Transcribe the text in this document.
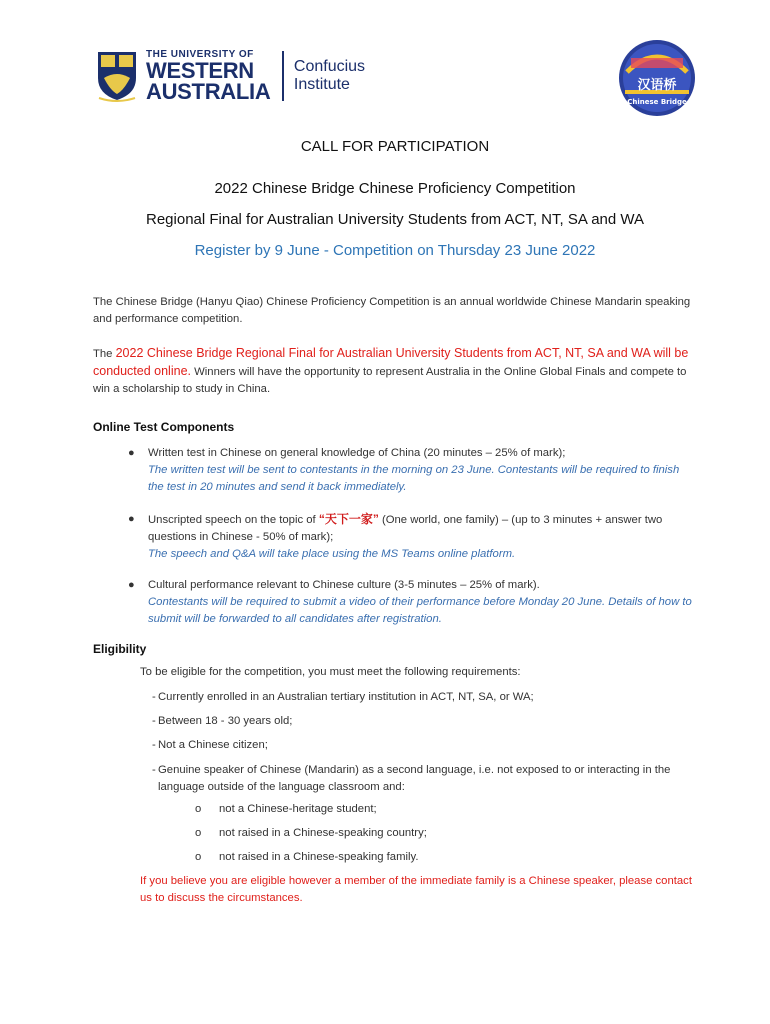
THE UNIVERSITY OF
WESTERN
AUSTRALIA
Confucius
Institute	汉语桥
Chinese Bridge
CALL FOR PARTICIPATION
2022 Chinese Bridge Chinese Proficiency Competition
Regional Final for Australian University Students from ACT, NT, SA and WA
Register by 9 June - Competition on Thursday 23 June 2022
The Chinese Bridge (Hanyu Qiao) Chinese Proficiency Competition is an annual worldwide Chinese Mandarin speaking and performance competition.
The 2022 Chinese Bridge Regional Final for Australian University Students from ACT, NT, SA and WA will be conducted online. Winners will have the opportunity to represent Australia in the Online Global Finals and compete to win a scholarship to study in China.
Online Test Components
● Written test in Chinese on general knowledge of China (20 minutes – 25% of mark);
The written test will be sent to contestants in the morning on 23 June. Contestants will be required to finish the test in 20 minutes and send it back immediately.
● Unscripted speech on the topic of “天下一家” (One world, one family) – (up to 3 minutes + answer two questions in Chinese - 50% of mark);
The speech and Q&A will take place using the MS Teams online platform.
● Cultural performance relevant to Chinese culture (3-5 minutes – 25% of mark).
Contestants will be required to submit a video of their performance before Monday 20 June. Details of how to submit will be forwarded to all candidates after registration.
Eligibility
To be eligible for the competition, you must meet the following requirements:
- Currently enrolled in an Australian tertiary institution in ACT, NT, SA, or WA;
- Between 18 - 30 years old;
- Not a Chinese citizen;
- Genuine speaker of Chinese (Mandarin) as a second language, i.e. not exposed to or interacting in the language outside of the language classroom and:
o not a Chinese-heritage student;
o not raised in a Chinese-speaking country;
o not raised in a Chinese-speaking family.
If you believe you are eligible however a member of the immediate family is a Chinese speaker, please contact us to discuss the circumstances.
